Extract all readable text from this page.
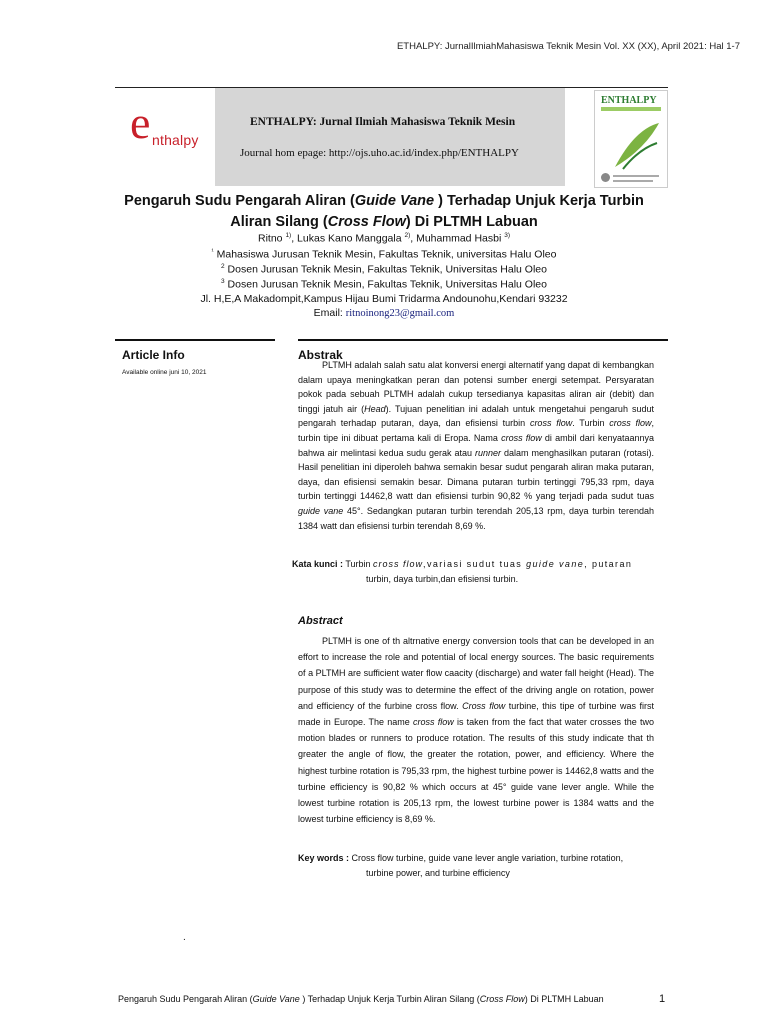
ETHALPY: JurnalIlmiahMahasiswa Teknik Mesin Vol. XX (XX), April 2021: Hal 1-7
e nthalpy
ENTHALPY: Jurnal Ilmiah Mahasiswa Teknik Mesin
Journal hom epage: http://ojs.uho.ac.id/index.php/ENTHALPY
ENTHALPY
Pengaruh Sudu Pengarah Aliran (Guide Vane ) Terhadap Unjuk Kerja Turbin
Aliran Silang (Cross Flow) Di PLTMH Labuan
Ritno $^{1)}$, Lukas Kano Manggala $^{2)}$, Muhammad Hasbi $^{3)}$
$^{^1}$ Mahasiswa Jurusan Teknik Mesin, Fakultas Teknik, universitas Halu Oleo
$^2$ Dosen Jurusan Teknik Mesin, Fakultas Teknik, Universitas Halu Oleo
$^3$ Dosen Jurusan Teknik Mesin, Fakultas Teknik, Universitas Halu Oleo
Jl. H,E,A Makadompit,Kampus Hijau Bumi Tridarma Andounohu,Kendari 93232
Email: ritnoinong23@gmail.com
Article Info
Available online juni 10, 2021
Abstrak
PLTMH adalah salah satu alat konversi energi alternatif yang dapat di kembangkan dalam upaya meningkatkan peran dan potensi sumber energi setempat. Persyaratan pokok pada sebuah PLTMH adalah cukup tersedianya kapasitas aliran air (debit) dan tinggi jatuh air (Head). Tujuan penelitian ini adalah untuk mengetahui pengaruh sudut pengarah terhadap putaran, daya, dan efisiensi turbin cross flow. Turbin cross flow, turbin tipe ini dibuat pertama kali di Eropa. Nama cross flow di ambil dari kenyataannya bahwa air melintasi kedua sudu gerak atau runner dalam menghasilkan putaran (rotasi). Hasil penelitian ini diperoleh bahwa semakin besar sudut pengarah aliran maka putaran, daya, dan efisiensi semakin besar. Dimana putaran turbin tertinggi 795,33 rpm, daya turbin tertinggi 14462,8 watt dan efisiensi turbin 90,82 % yang terjadi pada sudut tuas guide vane 45°. Sedangkan putaran turbin terendah 205,13 rpm, daya turbin terendah 1384 watt dan efisiensi turbin terendah 8,69 %.
Kata kunci : Turbin cross flow,variasi sudut tuas guide vane, putaran
turbin, daya turbin,dan efisiensi turbin.
Abstract
PLTMH is one of th altrnative energy conversion tools that can be developed in an effort to increase the role and potential of local energy sources. The basic requirements of a PLTMH are sufficient water flow caacity (discharge) and water fall height (Head). The purpose of this study was to determine the effect of the driving angle on rotation, power and efficiency of the furbine cross flow. Cross flow turbine, this tipe of turbine was first made in Europe. The name cross flow is taken from the fact that water crosses the two motion blades or runners to produce rotation. The results of this study indicate that th greater the angle of flow, the greater the rotation, power, and efficiency. Where the highest turbine rotation is 795,33 rpm, the highest turbine power is 14462,8 watts and the turbine efficiency is 90,82 % which occurs at 45° guide vane lever angle. While the lowest turbine rotation is 205,13 rpm, the lowest turbine power is 1384 watts and the lowest turbine efficiency is 8,69 %.
Key words : Cross flow turbine, guide vane lever angle variation, turbine rotation,
turbine power, and turbine efficiency
.
Pengaruh Sudu Pengarah Aliran (Guide Vane ) Terhadap Unjuk Kerja Turbin Aliran Silang (Cross Flow) Di PLTMH Labuan	1
